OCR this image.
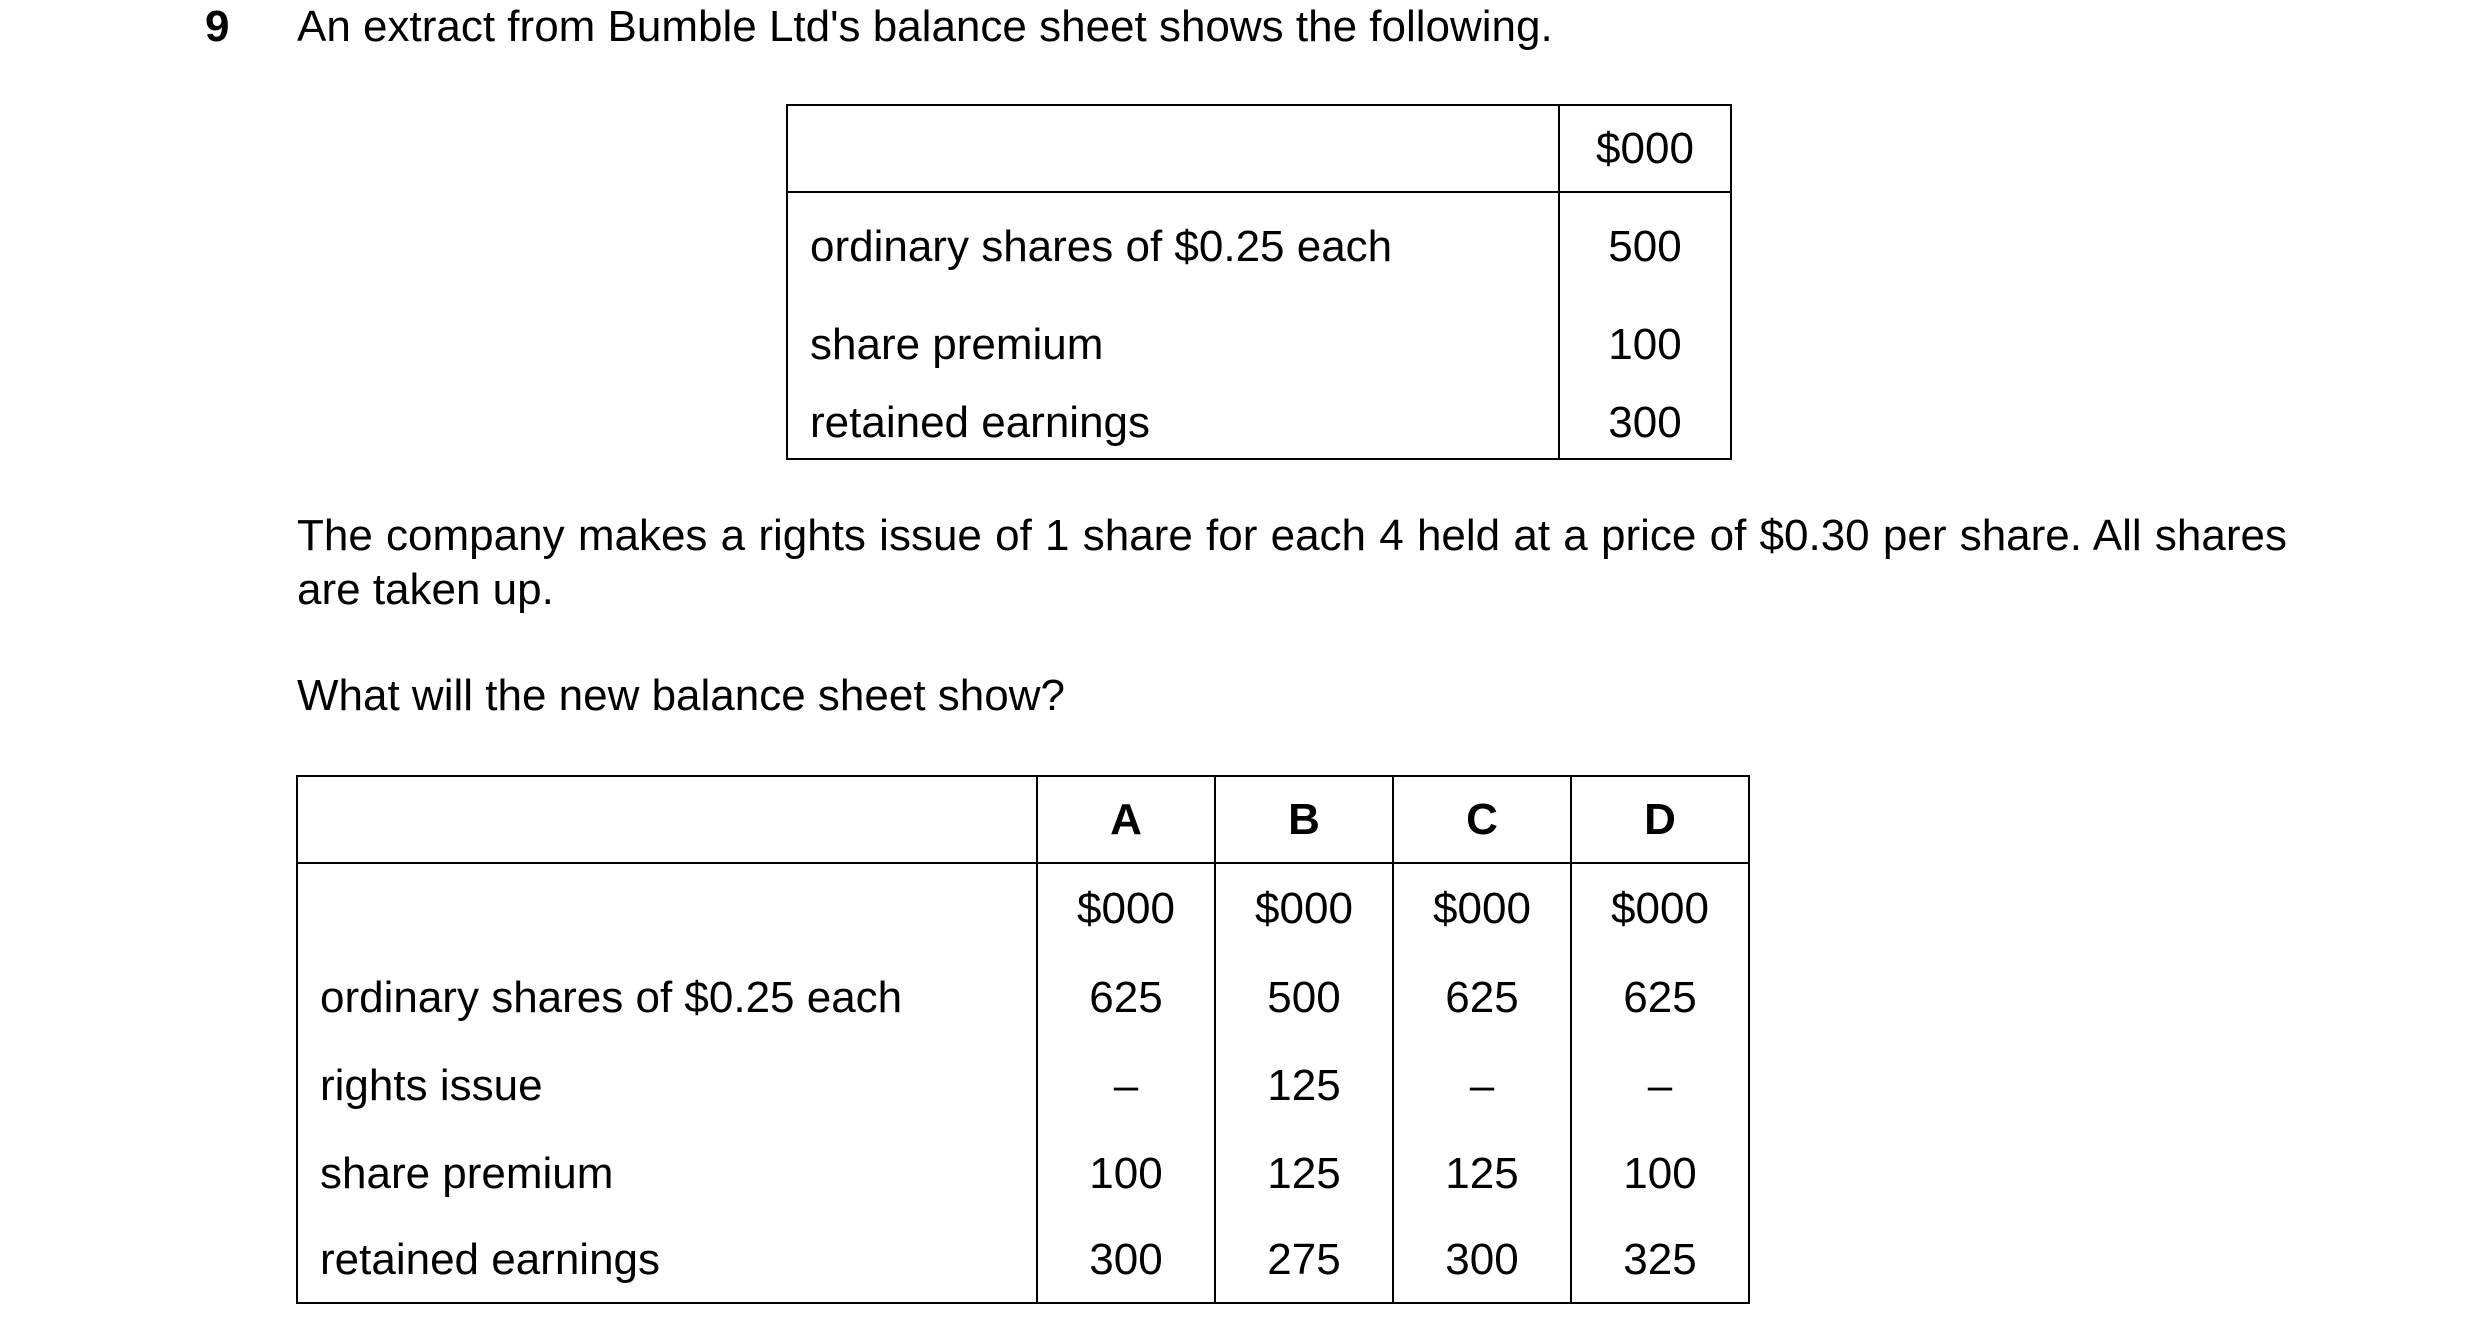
9 An extract from Bumble Ltd's balance sheet shows the following.
	$000
ordinary shares of $0.25 each	500
share premium	100
retained earnings	300
The company makes a rights issue of 1 share for each 4 held at a price of $0.30 per share. All shares are taken up.
What will the new balance sheet show?
	A	B	C	D
	$000	$000	$000	$000
ordinary shares of $0.25 each	625	500	625	625
rights issue	–	125	–	–
share premium	100	125	125	100
retained earnings	300	275	300	325
